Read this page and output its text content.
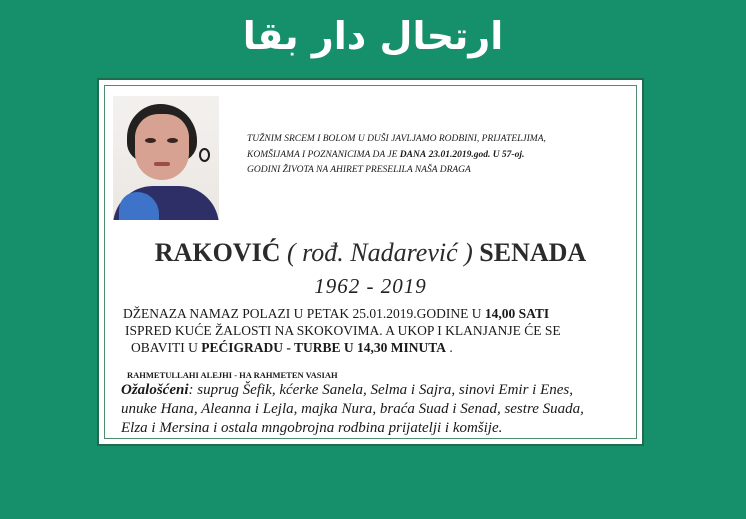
ارتحال دار بقا
TUŽNIM SRCEM I BOLOM U DUŠI JAVLJAMO RODBINI, PRIJATELJIMA,
KOMŠIJAMA I POZNANICIMA DA JE DANA 23.01.2019.god. U 57-oj.
GODINI ŽIVOTA NA AHIRET PRESELILA NAŠA DRAGA
RAKOVIĆ ( rođ. Nadarević ) SENADA
1962 - 2019
DŽENAZA NAMAZ POLAZI U PETAK 25.01.2019.GODINE U 14,00 SATI
ISPRED KUĆE ŽALOSTI NA SKOKOVIMA. A UKOP I KLANJANJE ĆE SE
OBAVITI U PEĆIGRADU - TURBE U 14,30 MINUTA .
RAHMETULLAHI ALEJHI - HA RAHMETEN VASIAH
Ožalošćeni: suprug Šefik, kćerke Sanela, Selma i Sajra, sinovi Emir i Enes,
unuke Hana, Aleanna i Lejla, majka Nura, braća Suad i Senad, sestre Suada,
Elza i Mersina i ostala mngobrojna rodbina prijatelji i komšije.
